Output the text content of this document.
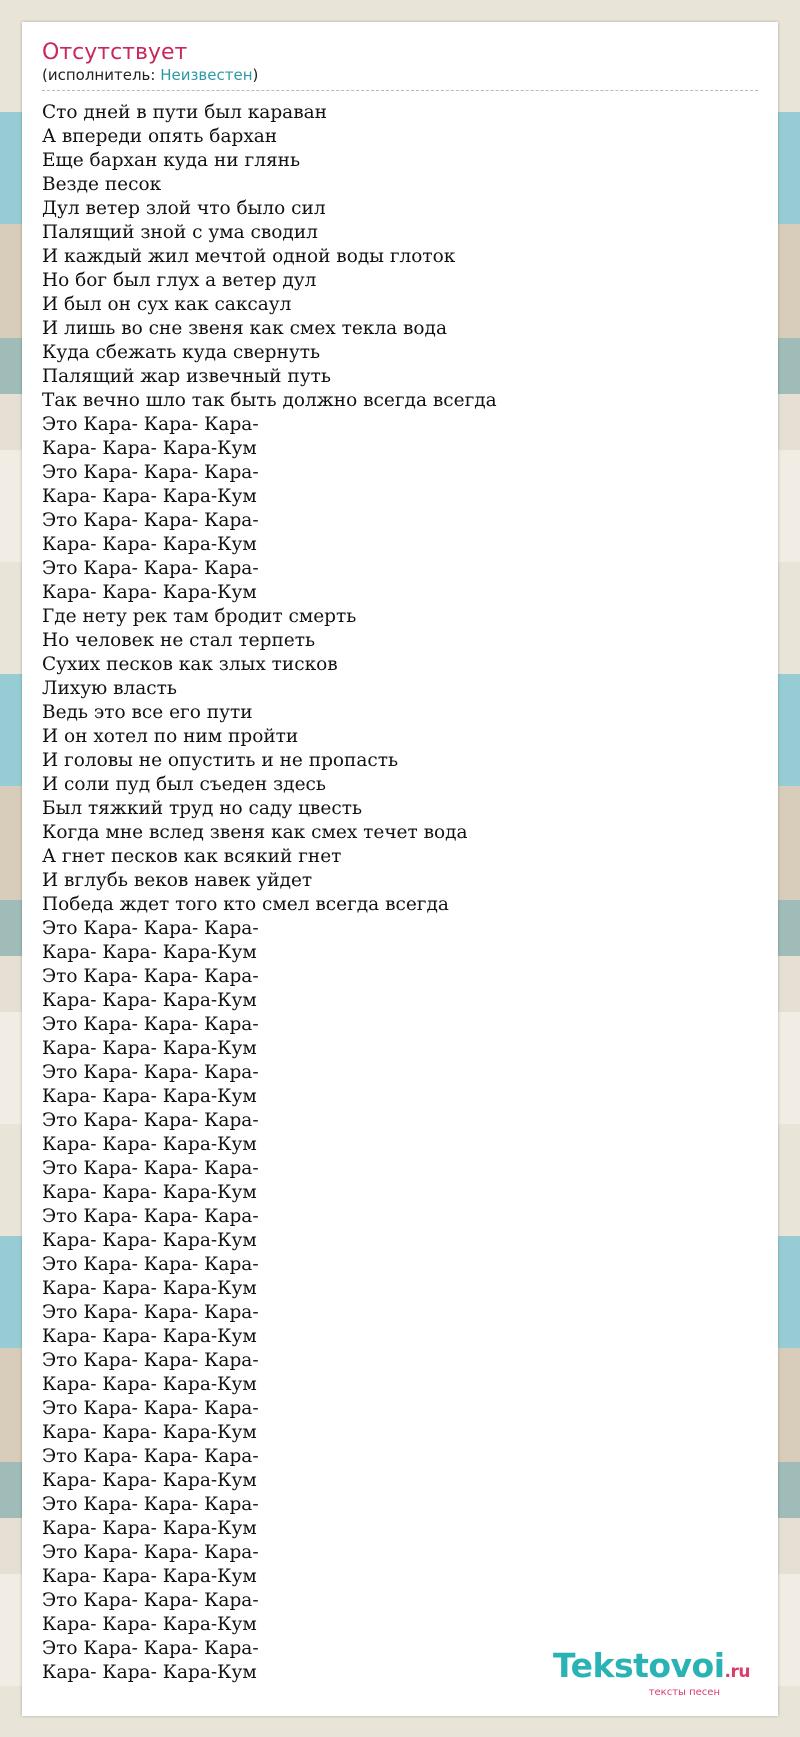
Отсутствует
(исполнитель: Неизвестен)
Сто дней в пути был караван
А впереди опять бархан
Еще бархан куда ни глянь
Везде песок
Дул ветер злой что было сил
Палящий зной с ума сводил
И каждый жил мечтой одной воды глоток
Но бог был глух а ветер дул
И был он сух как саксаул
И лишь во сне звеня как смех текла вода
Куда сбежать куда свернуть
Палящий жар извечный путь
Так вечно шло так быть должно всегда всегда
Это Кара- Кара- Кара-
Кара- Кара- Кара-Кум
Это Кара- Кара- Кара-
Кара- Кара- Кара-Кум
Это Кара- Кара- Кара-
Кара- Кара- Кара-Кум
Это Кара- Кара- Кара-
Кара- Кара- Кара-Кум
Где нету рек там бродит смерть
Но человек не стал терпеть
Сухих песков как злых тисков
Лихую власть
Ведь это все его пути
И он хотел по ним пройти
И головы не опустить и не пропасть
И соли пуд был съеден здесь
Был тяжкий труд но саду цвесть
Когда мне вслед звеня как смех течет вода
А гнет песков как всякий гнет
И вглубь веков навек уйдет
Победа ждет того кто смел всегда всегда
Это Кара- Кара- Кара-
Кара- Кара- Кара-Кум
Это Кара- Кара- Кара-
Кара- Кара- Кара-Кум
Это Кара- Кара- Кара-
Кара- Кара- Кара-Кум
Это Кара- Кара- Кара-
Кара- Кара- Кара-Кум
Это Кара- Кара- Кара-
Кара- Кара- Кара-Кум
Это Кара- Кара- Кара-
Кара- Кара- Кара-Кум
Это Кара- Кара- Кара-
Кара- Кара- Кара-Кум
Это Кара- Кара- Кара-
Кара- Кара- Кара-Кум
Это Кара- Кара- Кара-
Кара- Кара- Кара-Кум
Это Кара- Кара- Кара-
Кара- Кара- Кара-Кум
Это Кара- Кара- Кара-
Кара- Кара- Кара-Кум
Это Кара- Кара- Кара-
Кара- Кара- Кара-Кум
Это Кара- Кара- Кара-
Кара- Кара- Кара-Кум
Это Кара- Кара- Кара-
Кара- Кара- Кара-Кум
Это Кара- Кара- Кара-
Кара- Кара- Кара-Кум
Это Кара- Кара- Кара-
Кара- Кара- Кара-Кум	Tekstovoi.ru
тексты песен
